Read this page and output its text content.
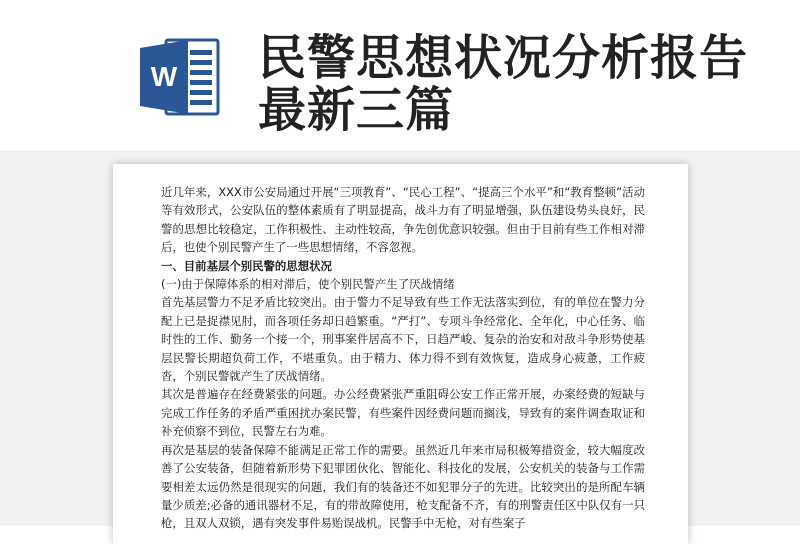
W 民警思想状况分析报告最新三篇

近几年来，XXX市公安局通过开展“三项教育”、“民心工程”、“提高三个水平”和“教育整顿”活动等有效形式，公安队伍的整体素质有了明显提高，战斗力有了明显增强，队伍建设势头良好，民警的思想比较稳定，工作积极性、主动性较高，争先创优意识较强。但由于目前有些工作相对滞后，也使个别民警产生了一些思想情绪，不容忽视。

一、目前基层个别民警的思想状况

(一)由于保障体系的相对滞后，使个别民警产生了厌战情绪

首先基层警力不足矛盾比较突出。由于警力不足导致有些工作无法落实到位，有的单位在警力分配上已是捉襟见肘，而各项任务却日趋繁重。“严打”、专项斗争经常化、全年化，中心任务、临时性的工作、勤务一个接一个，刑事案件居高不下，日趋严峻、复杂的治安和对敌斗争形势使基层民警长期超负荷工作，不堪重负。由于精力、体力得不到有效恢复，造成身心疲惫，工作疲沓，个别民警就产生了厌战情绪。

其次是普遍存在经费紧张的问题。办公经费紧张严重阻碍公安工作正常开展，办案经费的短缺与完成工作任务的矛盾严重困扰办案民警，有些案件因经费问题而搁浅，导致有的案件调查取证和补充侦察不到位，民警左右为难。

再次是基层的装备保障不能满足正常工作的需要。虽然近几年来市局积极筹措资金，较大幅度改善了公安装备，但随着新形势下犯罪团伙化、智能化、科技化的发展，公安机关的装备与工作需要相差太远仍然是很现实的问题，我们有的装备还不如犯罪分子的先进。比较突出的是所配车辆量少质差;必备的通讯器材不足，有的带故障使用，枪支配备不齐，有的刑警责任区中队仅有一只枪，且双人双锁，遇有突发事件易贻误战机。民警手中无枪，对有些案子
